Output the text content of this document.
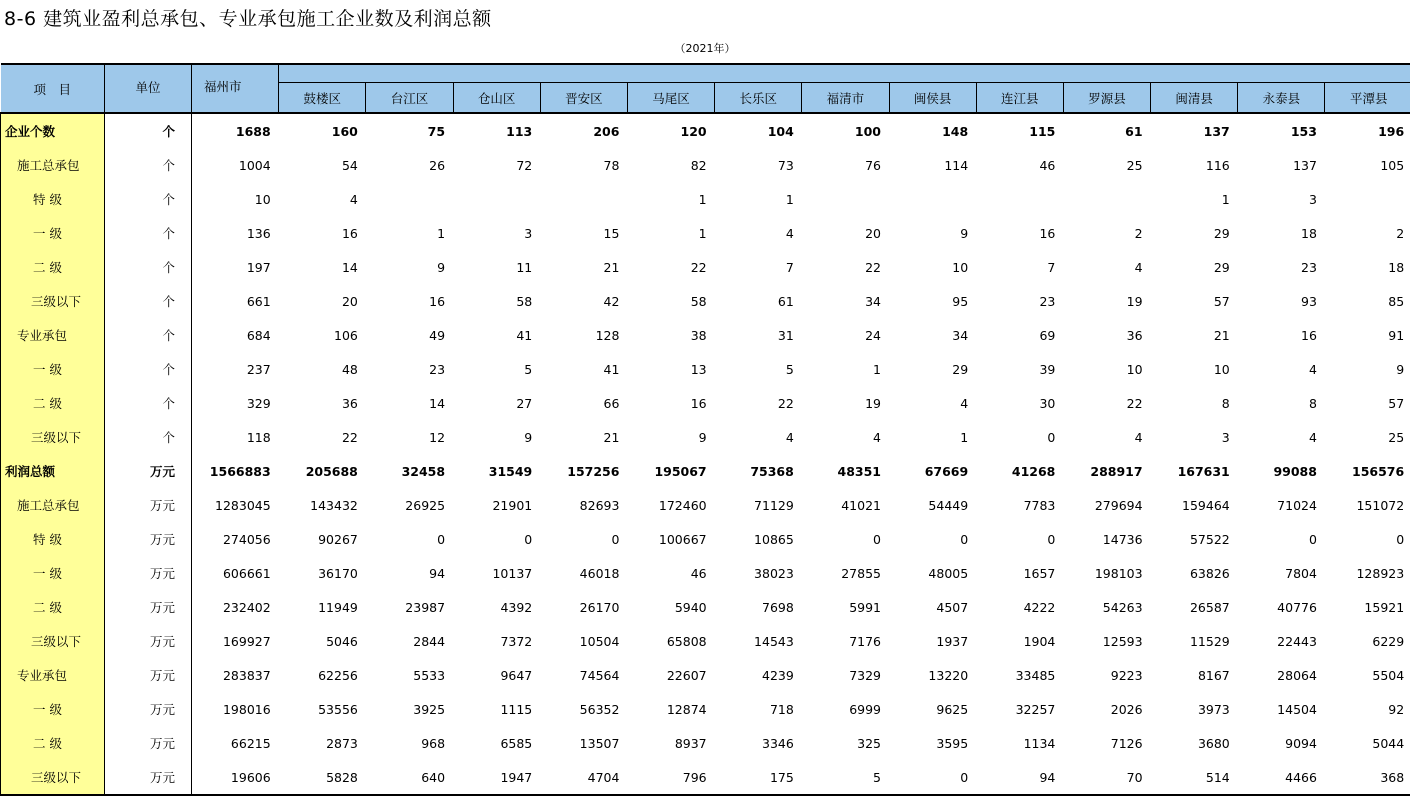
8-6 建筑业盈利总承包、专业承包施工企业数及利润总额
（2021年）
项　目	单位	福州市													
			鼓楼区	台江区	仓山区	晋安区	马尾区	长乐区	福清市	闽侯县	连江县	罗源县	闽清县	永泰县	平潭县
企业个数	个	1688	160	75	113	206	120	104	100	148	115	61	137	153	196
施工总承包	个	1004	54	26	72	78	82	73	76	114	46	25	116	137	105
特 级	个	10	4				1	1					1	3	
一 级	个	136	16	1	3	15	1	4	20	9	16	2	29	18	2
二 级	个	197	14	9	11	21	22	7	22	10	7	4	29	23	18
三级以下	个	661	20	16	58	42	58	61	34	95	23	19	57	93	85
专业承包	个	684	106	49	41	128	38	31	24	34	69	36	21	16	91
一 级	个	237	48	23	5	41	13	5	1	29	39	10	10	4	9
二 级	个	329	36	14	27	66	16	22	19	4	30	22	8	8	57
三级以下	个	118	22	12	9	21	9	4	4	1	0	4	3	4	25
利润总额	万元	1566883	205688	32458	31549	157256	195067	75368	48351	67669	41268	288917	167631	99088	156576
施工总承包	万元	1283045	143432	26925	21901	82693	172460	71129	41021	54449	7783	279694	159464	71024	151072
特 级	万元	274056	90267	0	0	0	100667	10865	0	0	0	14736	57522	0	0
一 级	万元	606661	36170	94	10137	46018	46	38023	27855	48005	1657	198103	63826	7804	128923
二 级	万元	232402	11949	23987	4392	26170	5940	7698	5991	4507	4222	54263	26587	40776	15921
三级以下	万元	169927	5046	2844	7372	10504	65808	14543	7176	1937	1904	12593	11529	22443	6229
专业承包	万元	283837	62256	5533	9647	74564	22607	4239	7329	13220	33485	9223	8167	28064	5504
一 级	万元	198016	53556	3925	1115	56352	12874	718	6999	9625	32257	2026	3973	14504	92
二 级	万元	66215	2873	968	6585	13507	8937	3346	325	3595	1134	7126	3680	9094	5044
三级以下	万元	19606	5828	640	1947	4704	796	175	5	0	94	70	514	4466	368
